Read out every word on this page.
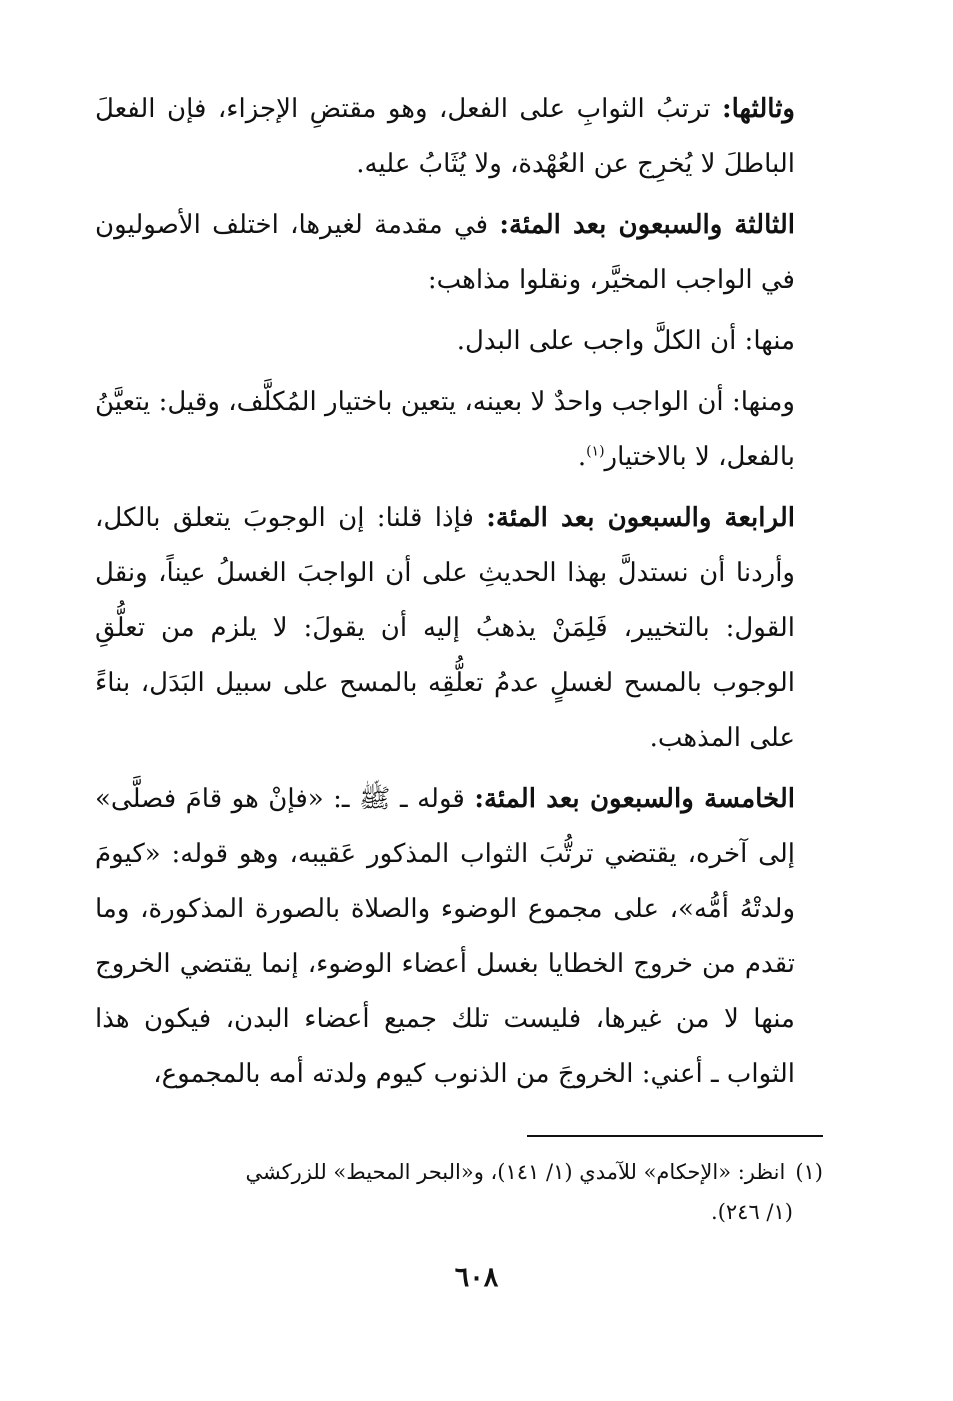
وثالثها: ترتبُ الثوابِ على الفعل، وهو مقتضِ الإجزاء، فإن الفعلَ الباطلَ لا يُخرِج عن العُهْدة، ولا يُثَابُ عليه.

الثالثة والسبعون بعد المئة: في مقدمة لغيرها، اختلف الأصوليون في الواجب المخيَّر، ونقلوا مذاهب:

منها: أن الكلَّ واجب على البدل.

ومنها: أن الواجب واحدٌ لا بعينه، يتعين باختيار المُكلَّف، وقيل: يتعيَّنُ بالفعل، لا بالاختيار$^{(١)}$.

الرابعة والسبعون بعد المئة: فإذا قلنا: إن الوجوبَ يتعلق بالكل، وأردنا أن نستدلَّ بهذا الحديثِ على أن الواجبَ الغسلُ عيناً، ونقل القول: بالتخيير، فَلِمَنْ يذهبُ إليه أن يقولَ: لا يلزم من تعلُّقِ الوجوب بالمسح لغسلٍ عدمُ تعلُّقِه بالمسح على سبيل البَدَل، بناءً على المذهب.

الخامسة والسبعون بعد المئة: قوله ـ ﷺ ـ: «فإنْ هو قامَ فصلَّى» إلى آخره، يقتضي ترتُّبَ الثواب المذكور عَقيبه، وهو قوله: «كيومَ ولدتْهُ أمُّه»، على مجموع الوضوء والصلاة بالصورة المذكورة، وما تقدم من خروج الخطايا بغسل أعضاء الوضوء، إنما يقتضي الخروج منها لا من غيرها، فليست تلك جميع أعضاء البدن، فيكون هذا الثواب ـ أعني: الخروجَ من الذنوب كيوم ولدته أمه بالمجموع،

(١)انظر: «الإحكام» للآمدي (١/ ١٤١)، و«البحر المحيط» للزركشي
(١/ ٢٤٦).
٦٠٨
